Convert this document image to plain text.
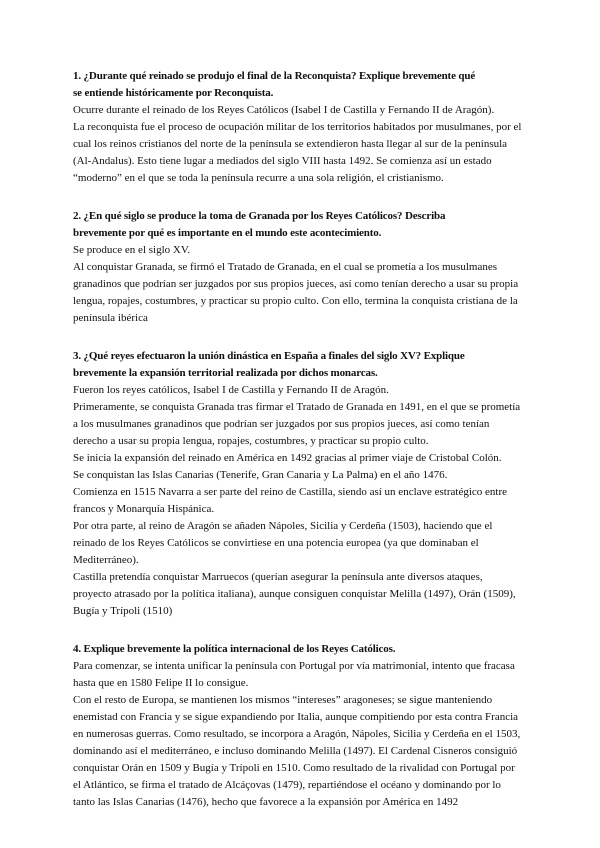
1. ¿Durante qué reinado se produjo el final de la Reconquista? Explique brevemente qué
se entiende históricamente por Reconquista.

Ocurre durante el reinado de los Reyes Católicos (Isabel I de Castilla y Fernando II de Aragón).

La reconquista fue el proceso de ocupación militar de los territorios habitados por musulmanes, por el cual los reinos cristianos del norte de la península se extendieron hasta llegar al sur de la península (Al-Andalus). Esto tiene lugar a mediados del siglo VIII hasta 1492. Se comienza así un estado “moderno” en el que se toda la península recurre a una sola religión, el cristianismo.

2. ¿En qué siglo se produce la toma de Granada por los Reyes Católicos? Describa
brevemente por qué es importante en el mundo este acontecimiento.

Se produce en el siglo XV.

Al conquistar Granada, se firmó el Tratado de Granada, en el cual se prometía a los musulmanes granadinos que podrían ser juzgados por sus propios jueces, así como tenían derecho a usar su propia lengua, ropajes, costumbres, y practicar su propio culto. Con ello, termina la conquista cristiana de la península ibérica

3. ¿Qué reyes efectuaron la unión dinástica en España a finales del siglo XV? Explique
brevemente la expansión territorial realizada por dichos monarcas.

Fueron los reyes católicos, Isabel I de Castilla y Fernando II de Aragón.

Primeramente, se conquista Granada tras firmar el Tratado de Granada en 1491, en el que se prometía a los musulmanes granadinos que podrían ser juzgados por sus propios jueces, así como tenían derecho a usar su propia lengua, ropajes, costumbres, y practicar su propio culto.

Se inicia la expansión del reinado en América en 1492 gracias al primer viaje de Cristobal Colón.

Se conquistan las Islas Canarias (Tenerife, Gran Canaria y La Palma) en el año 1476.

Comienza en 1515 Navarra a ser parte del reino de Castilla, siendo así un enclave estratégico entre francos y Monarquía Hispánica.

Por otra parte, al reino de Aragón se añaden Nápoles, Sicilia y Cerdeña (1503), haciendo que el reinado de los Reyes Católicos se convirtiese en una potencia europea (ya que dominaban el Mediterráneo).

Castilla pretendía conquistar Marruecos (querían asegurar la península ante diversos ataques, proyecto atrasado por la política italiana), aunque consiguen conquistar Melilla (1497), Orán (1509), Bugía y Trípoli (1510)

4. Explique brevemente la política internacional de los Reyes Católicos.

Para comenzar, se intenta unificar la península con Portugal por vía matrimonial, intento que fracasa hasta que en 1580 Felipe II lo consigue.

Con el resto de Europa, se mantienen los mismos “intereses” aragoneses; se sigue manteniendo enemistad con Francia y se sigue expandiendo por Italia, aunque compitiendo por esta contra Francia en numerosas guerras. Como resultado, se incorpora a Aragón, Nápoles, Sicilia y Cerdeña en el 1503, dominando así el mediterráneo, e incluso dominando Melilla (1497). El Cardenal Cisneros consiguió conquistar Orán en 1509 y Bugía y Trípoli en 1510. Como resultado de la rivalidad con Portugal por el Atlántico, se firma el tratado de Alcáçovas (1479), repartiéndose el océano y dominando por lo tanto las Islas Canarias (1476), hecho que favorece a la expansión por América en 1492
